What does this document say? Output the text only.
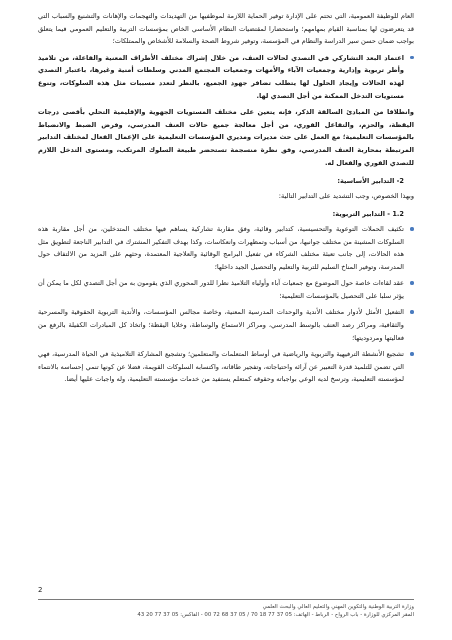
العام للوظيفة العمومية، التي تحتم على الإدارة توفير الحماية اللازمة لموظفيها من التهديدات والتهجمات والإهانات والتشنيع والسباب التي قد يتعرضون لها بمناسبة القيام بمهامهم؛ واستحضارا لمقتضيات النظام الأساسي الخاص بمؤسسات التربية والتعليم العمومي فيما يتعلق بواجب ضمان حسن سير الدراسة والنظام في المؤسسة، وتوفير شروط الصحة والسلامة للأشخاص والممتلكات؛

اعتماد البعد التشاركي في التصدي لحالات العنف، من خلال إشراك مختلف الأطراف المعنية والفاعلة، من تلاميذ وأطر تربوية وإدارية وجمعيات الآباء والأمهات وجمعيات المجتمع المدني وسلطات أمنية وغيرها، باعتبار التصدي لهذه الحالات وإيجاد الحلول لها يتطلب تضافر جهود الجميع، بالنظر لتعدد مسببات مثل هذه السلوكات، وتنوع مستويات التدخل الممكنة من أجل التصدي لها.

وانطلاقا من المبادئ السالفة الذكر، فإنه يتعين على مختلف المستويات الجهوية والإقليمية التحلي بأقصى درجات اليقظة، والحزم، والتفاعل الفوري، من أجل معالجة جميع حالات العنف المدرسي، وفرض الضبط والانضباط بالمؤسسات التعليمية؛ مع العمل على حث مديرات ومديري المؤسسات التعليمية على الإعمال الفعال لمختلف التدابير المرتبطة بمحاربة العنف المدرسي، وفق نظرة منسجمة تستحضر طبيعة السلوك المرتكب، ومستوى التدخل اللازم للتصدي الفوري والفعال له.

2- التدابير الأساسية:

وبهذا الخصوص، وجب التشديد على التدابير التالية:

1.2 - التدابير التربوية:
تكثيف الحملات التوعوية والتحسيسية، كتدابير وقائية، وفق مقاربة تشاركية يساهم فيها مختلف المتدخلين، من أجل مقاربة هذه السلوكات المشينة من مختلف جوانبها، من أسباب وتمظهرات وانعكاسات، وكذا بهدف التفكير المشترك في التدابير الناجعة لتطويق مثل هذه الحالات، إلى جانب تعبئة مختلف الشركاء في تفعيل البرامج الوقائية والعلاجية المعتمدة، وحثهم على المزيد من الالتفاف حول المدرسة، وتوفير المناخ السليم للتربية والتعليم والتحصيل الجيد داخلها؛
عقد لقاءات خاصة حول الموضوع مع جمعيات آباء وأولياء التلاميذ نظرا للدور المحوري الذي يقومون به من أجل التصدي لكل ما يمكن أن يؤثر سلبا على التحصيل بالمؤسسات التعليمية؛
التفعيل الأمثل لأدوار مختلف الأندية والوحدات المدرسية المعنية، وخاصة مجالس المؤسسات، والأندية التربوية الحقوقية والمسرحية والثقافية، ومراكز رصد العنف بالوسط المدرسي، ومراكز الاستماع والوساطة، وخلايا اليقظة؛ واتخاذ كل المبادرات الكفيلة بالرفع من فعاليتها ومردوديتها؛
تشجيع الأنشطة الترفيهية والتربوية والرياضية في أوساط المتعلمات والمتعلمين؛ وتشجيع المشاركة التلاميذية في الحياة المدرسية، فهي التي تضمن للتلميذ قدرة التعبير عن آرائه واحتياجاته، وتفجير طاقاته، واكتسابه السلوكات القويمة، فضلا عن كونها تنمي إحساسه بالانتماء لمؤسسته التعليمية، وترسخ لديه الوعي بواجباته وحقوقه كمتعلم يستفيد من خدمات مؤسسته التعليمية، وله واجبات عليها أيضا.
2
وزارة التربية الوطنية والتكوين المهني والتعليم العالي والبحث العلمي
المقر المركزي للوزارة - باب الرواح - الرباط - الهاتف: 05 37 77 18 70 / 05 37 68 72 00 - الفاكس: 05 37 77 20 43
